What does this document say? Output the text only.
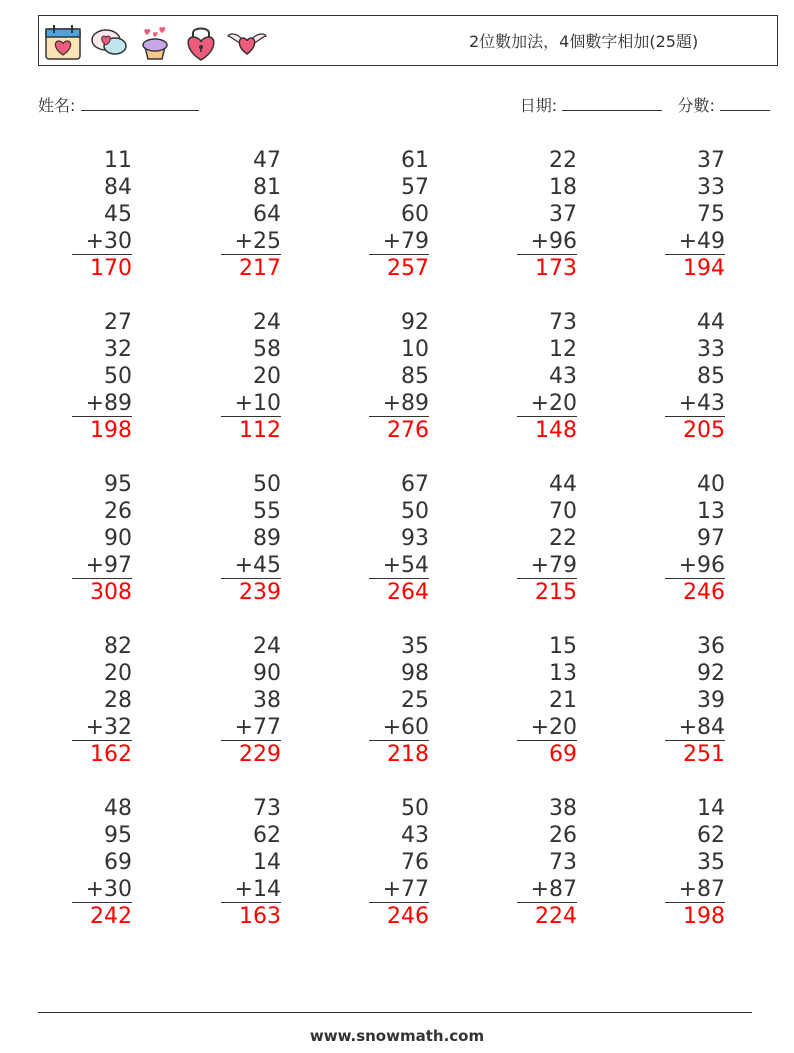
2位數加法，4個數字相加(25題)
姓名:	日期:	分數:
11
84
45
+30
170
47
81
64
+25
217
61
57
60
+79
257
22
18
37
+96
173
37
33
75
+49
194
27
32
50
+89
198
24
58
20
+10
112
92
10
85
+89
276
73
12
43
+20
148
44
33
85
+43
205
95
26
90
+97
308
50
55
89
+45
239
67
50
93
+54
264
44
70
22
+79
215
40
13
97
+96
246
82
20
28
+32
162
24
90
38
+77
229
35
98
25
+60
218
15
13
21
+20
69
36
92
39
+84
251
48
95
69
+30
242
73
62
14
+14
163
50
43
76
+77
246
38
26
73
+87
224
14
62
35
+87
198
www.snowmath.com
